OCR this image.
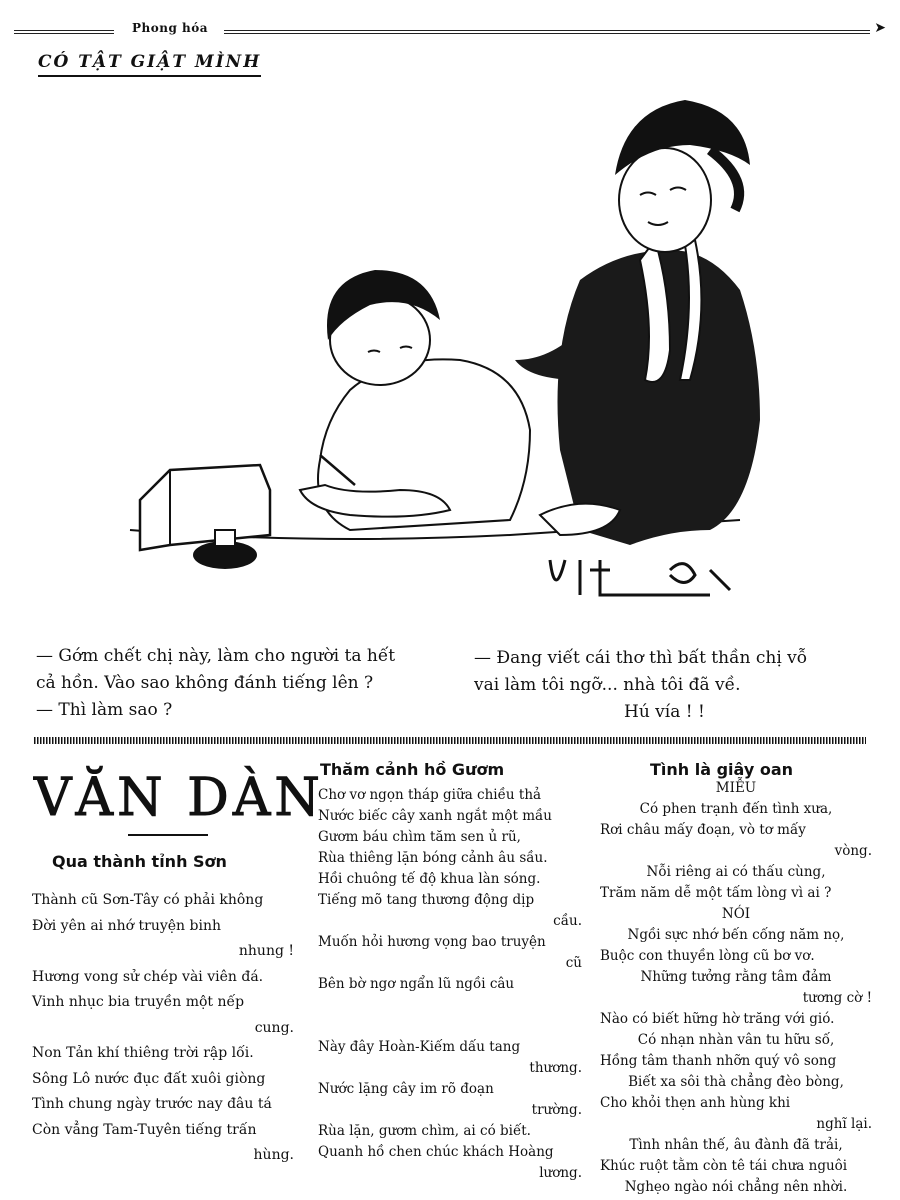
Phong hóa	➤
CÓ TẬT GIẬT MÌNH
— Gớm chết chị này, làm cho người ta hết
cả hồn. Vào sao không đánh tiếng lên ?
— Thì làm sao ?
— Đang viết cái thơ thì bất thần chị vỗ
vai làm tôi ngỡ... nhà tôi đã về.
Hú vía ! !
VĂN DÀN
Qua thành tỉnh Sơn
Thành cũ Sơn-Tây có phải không
Đời yên ai nhớ truyện binh
nhung !
Hương vong sử chép vài viên đá.
Vinh nhục bia truyền một nếp
cung.
Non Tản khí thiêng trời rập lối.
Sông Lô nước đục đất xuôi giòng
Tình chung ngày trước nay đâu tá
Còn vẳng Tam-Tuyên tiếng trấn
hùng.
Thăm cảnh hồ Gươm
Chơ vơ ngọn tháp giữa chiều thả
Nước biếc cây xanh ngắt một mầu
Gươm báu chìm tăm sen ủ rũ,
Rùa thiêng lặn bóng cảnh âu sầu.
Hồi chuông tế độ khua làn sóng.
Tiếng mõ tang thương động dịp
cầu.
Muốn hỏi hương vọng bao truyện
cũ
Bên bờ ngơ ngẩn lũ ngồi câu
Này đây Hoàn-Kiếm dấu tang
thương.
Nước lặng cây im rõ đoạn
trường.
Rùa lặn, gươm chìm, ai có biết.
Quanh hồ chen chúc khách Hoàng
lương.
Tình là giây oan
MIỄU
Có phen trạnh đến tình xưa,
Rơi châu mấy đoạn, vò tơ mấy
vòng.
Nỗi riêng ai có thấu cùng,
Trăm năm dễ một tấm lòng vì ai ?
NÓI
Ngồi sực nhớ bến cống năm nọ,
Buộc con thuyền lòng cũ bơ vơ.
Những tưởng rằng tâm đảm
tương cờ !
Nào có biết hững hờ trăng với gió.
Có nhạn nhàn vân tu hữu số,
Hồng tâm thanh nhỡn quý vô song
Biết xa sôi thà chẳng đèo bòng,
Cho khỏi thẹn anh hùng khi
nghĩ lại.
Tình nhân thế, âu đành đã trải,
Khúc ruột tằm còn tê tái chưa nguôi
Nghẹo ngào nói chẳng nên nhời.
